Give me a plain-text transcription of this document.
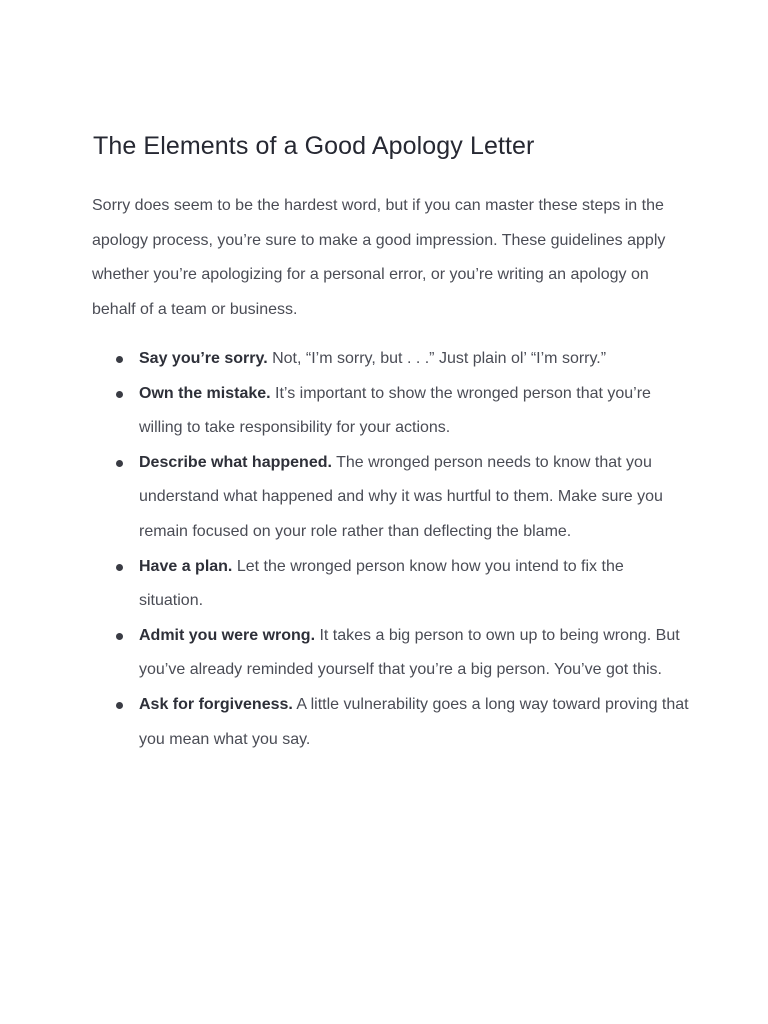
The Elements of a Good Apology Letter

Sorry does seem to be the hardest word, but if you can master these steps in the apology process, you’re sure to make a good impression. These guidelines apply whether you’re apologizing for a personal error, or you’re writing an apology on behalf of a team or business.

Say you’re sorry. Not, “I’m sorry, but . . .” Just plain ol’ “I’m sorry.”
Own the mistake. It’s important to show the wronged person that you’re willing to take responsibility for your actions.
Describe what happened. The wronged person needs to know that you understand what happened and why it was hurtful to them. Make sure you remain focused on your role rather than deflecting the blame.
Have a plan. Let the wronged person know how you intend to fix the situation.
Admit you were wrong. It takes a big person to own up to being wrong. But you’ve already reminded yourself that you’re a big person. You’ve got this.
Ask for forgiveness. A little vulnerability goes a long way toward proving that you mean what you say.
